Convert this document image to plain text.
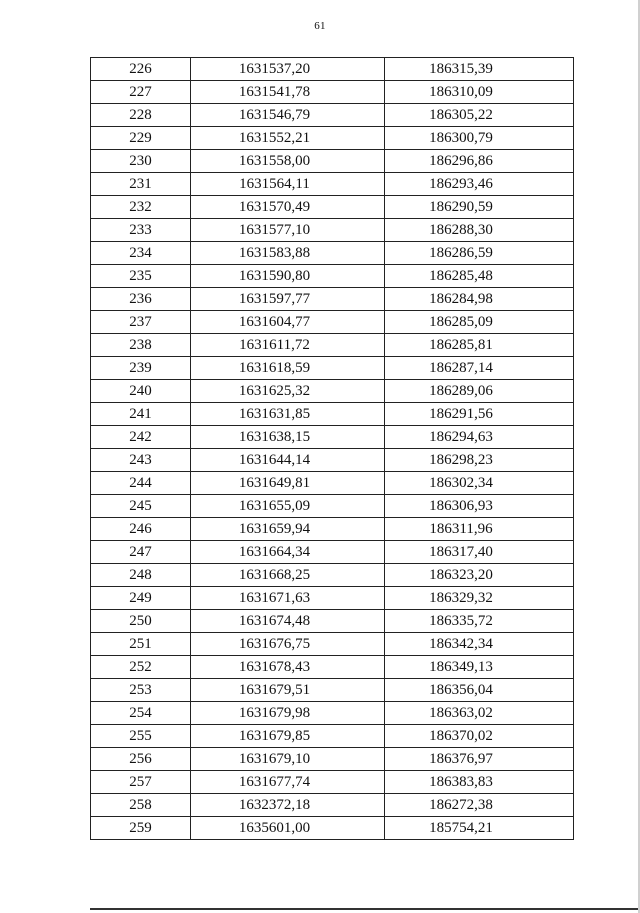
61
226	1631537,20	186315,39
227	1631541,78	186310,09
228	1631546,79	186305,22
229	1631552,21	186300,79
230	1631558,00	186296,86
231	1631564,11	186293,46
232	1631570,49	186290,59
233	1631577,10	186288,30
234	1631583,88	186286,59
235	1631590,80	186285,48
236	1631597,77	186284,98
237	1631604,77	186285,09
238	1631611,72	186285,81
239	1631618,59	186287,14
240	1631625,32	186289,06
241	1631631,85	186291,56
242	1631638,15	186294,63
243	1631644,14	186298,23
244	1631649,81	186302,34
245	1631655,09	186306,93
246	1631659,94	186311,96
247	1631664,34	186317,40
248	1631668,25	186323,20
249	1631671,63	186329,32
250	1631674,48	186335,72
251	1631676,75	186342,34
252	1631678,43	186349,13
253	1631679,51	186356,04
254	1631679,98	186363,02
255	1631679,85	186370,02
256	1631679,10	186376,97
257	1631677,74	186383,83
258	1632372,18	186272,38
259	1635601,00	185754,21
